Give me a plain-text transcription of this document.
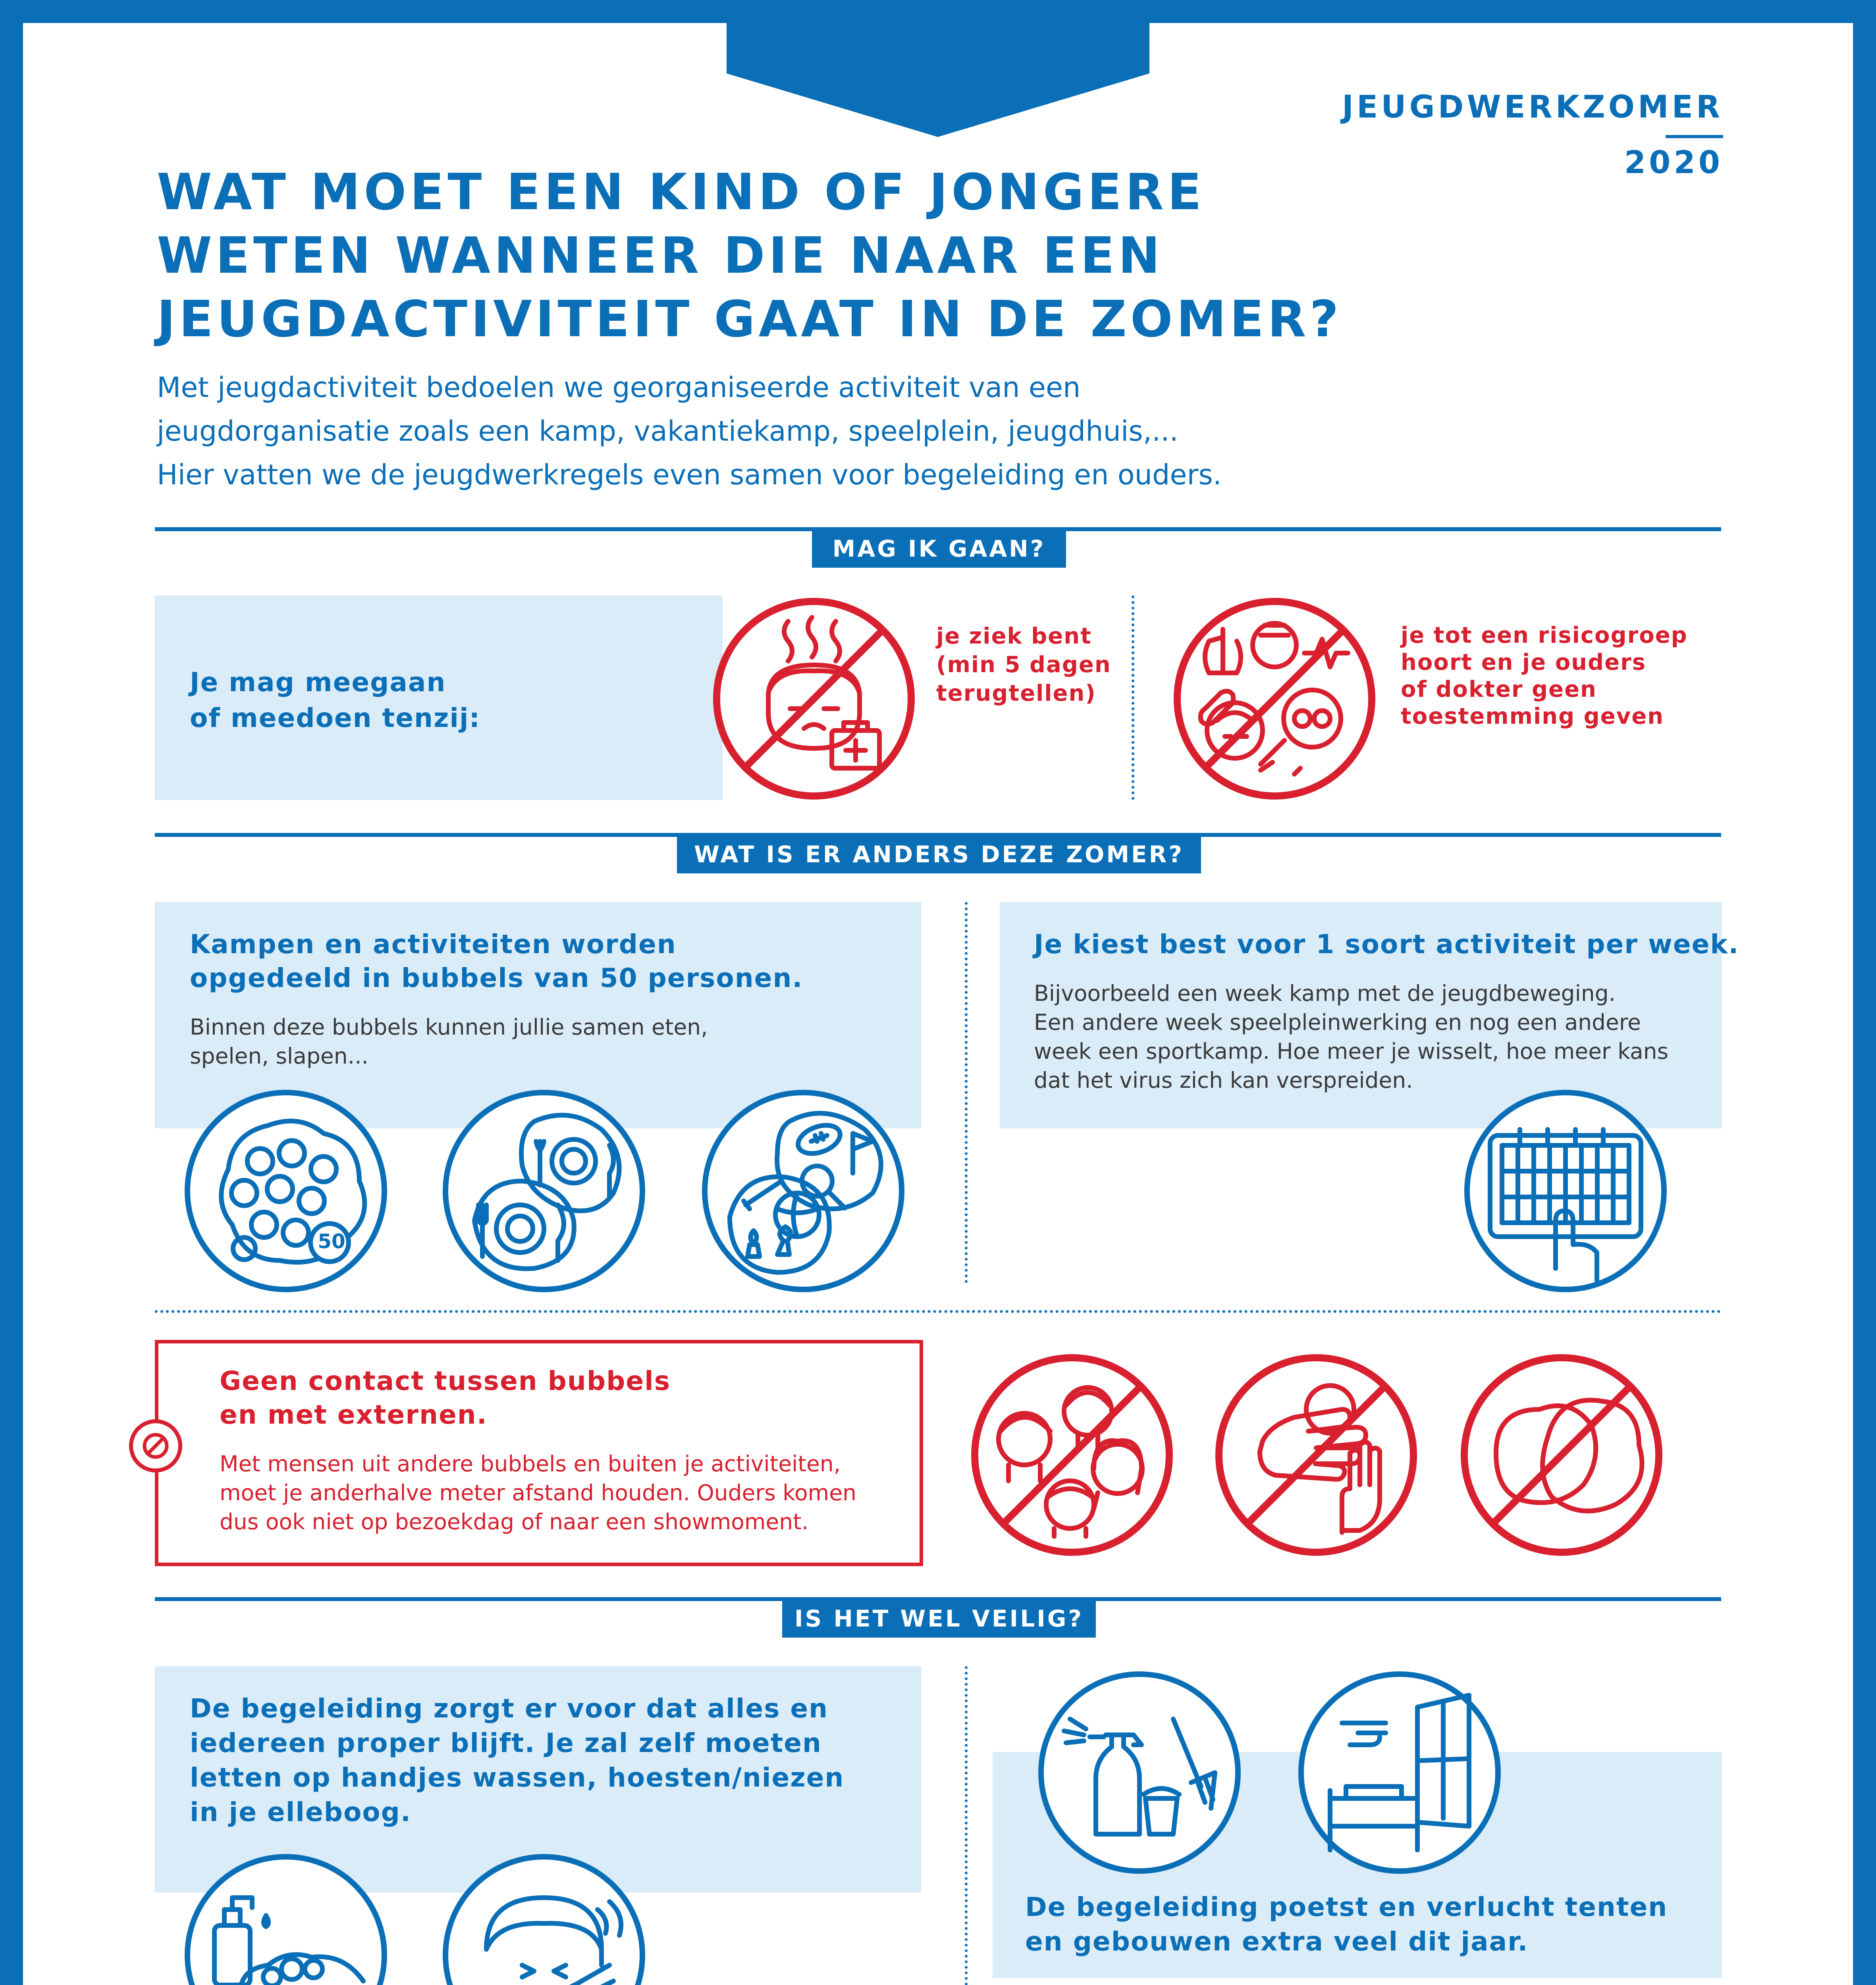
JEUGDWERKZOMER
2020
WAT MOET EEN KIND OF JONGERE
WETEN WANNEER DIE NAAR EEN
JEUGDACTIVITEIT GAAT IN DE ZOMER?
Met jeugdactiviteit bedoelen we georganiseerde activiteit van een
jeugdorganisatie zoals een kamp, vakantiekamp, speelplein, jeugdhuis,...
Hier vatten we de jeugdwerkregels even samen voor begeleiding en ouders.
MAG IK GAAN?
Je mag meegaan
of meedoen tenzij:
je ziek bent
(min 5 dagen
terugtellen)
je tot een risicogroep
hoort en je ouders
of dokter geen
toestemming geven
WAT IS ER ANDERS DEZE ZOMER?
Kampen en activiteiten worden
opgedeeld in bubbels van 50 personen.
Binnen deze bubbels kunnen jullie samen eten,
spelen, slapen...
50
Je kiest best voor 1 soort activiteit per week.
Bijvoorbeeld een week kamp met de jeugdbeweging.
Een andere week speelpleinwerking en nog een andere
week een sportkamp. Hoe meer je wisselt, hoe meer kans
dat het virus zich kan verspreiden.
Geen contact tussen bubbels
en met externen.
Met mensen uit andere bubbels en buiten je activiteiten,
moet je anderhalve meter afstand houden. Ouders komen
dus ook niet op bezoekdag of naar een showmoment.
IS HET WEL VEILIG?
De begeleiding zorgt er voor dat alles en
iedereen proper blijft. Je zal zelf moeten
letten op handjes wassen, hoesten/niezen
in je elleboog.
De begeleiding poetst en verlucht tenten
en gebouwen extra veel dit jaar.
